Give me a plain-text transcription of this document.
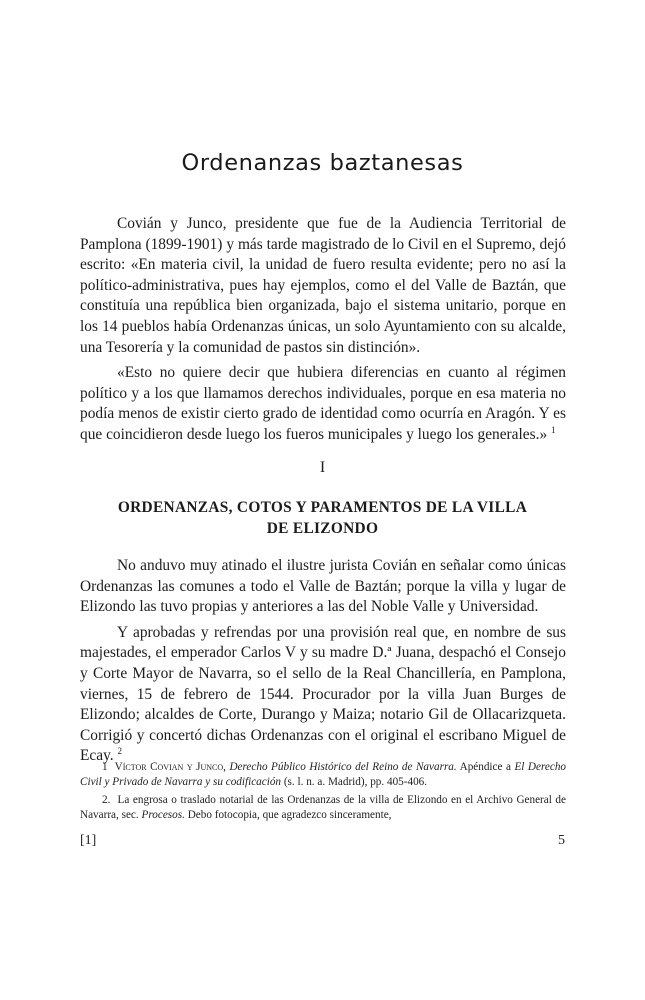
Ordenanzas baztanesas

Covián y Junco, presidente que fue de la Audiencia Territorial de Pamplona (1899-1901) y más tarde magistrado de lo Civil en el Supremo, dejó escrito: «En materia civil, la unidad de fuero resulta evidente; pero no así la político-administrativa, pues hay ejemplos, como el del Valle de Baztán, que constituía una república bien organizada, bajo el sistema unitario, porque en los 14 pueblos había Ordenanzas únicas, un solo Ayuntamiento con su alcalde, una Tesorería y la comunidad de pastos sin distinción».

«Esto no quiere decir que hubiera diferencias en cuanto al régimen político y a los que llamamos derechos individuales, porque en esa materia no podía menos de existir cierto grado de identidad como ocurría en Aragón. Y es que coincidieron desde luego los fueros municipales y luego los generales.» $^1$

I
ORDENANZAS, COTOS Y PARAMENTOS DE LA VILLA
DE ELIZONDO

No anduvo muy atinado el ilustre jurista Covián en señalar como únicas Ordenanzas las comunes a todo el Valle de Baztán; porque la villa y lugar de Elizondo las tuvo propias y anteriores a las del Noble Valle y Universidad.

Y aprobadas y refrendas por una provisión real que, en nombre de sus majestades, el emperador Carlos V y su madre D.ª Juana, despachó el Consejo y Corte Mayor de Navarra, so el sello de la Real Chancillería, en Pamplona, viernes, 15 de febrero de 1544. Procurador por la villa Juan Burges de Elizondo; alcaldes de Corte, Durango y Maiza; notario Gil de Ollacarizqueta. Corrigió y concertó dichas Ordenanzas con el original el escribano Miguel de Ecay. $^2$

1 Víctor Covian y Junco, Derecho Público Histórico del Reino de Navarra. Apéndice a El Derecho Civil y Privado de Navarra y su codificación (s. l. n. a. Madrid), pp. 405-406.

2. La engrosa o traslado notarial de las Ordenanzas de la villa de Elizondo en el Archivo General de Navarra, sec. Procesos. Debo fotocopia, que agradezco sinceramente,

[1]	5
